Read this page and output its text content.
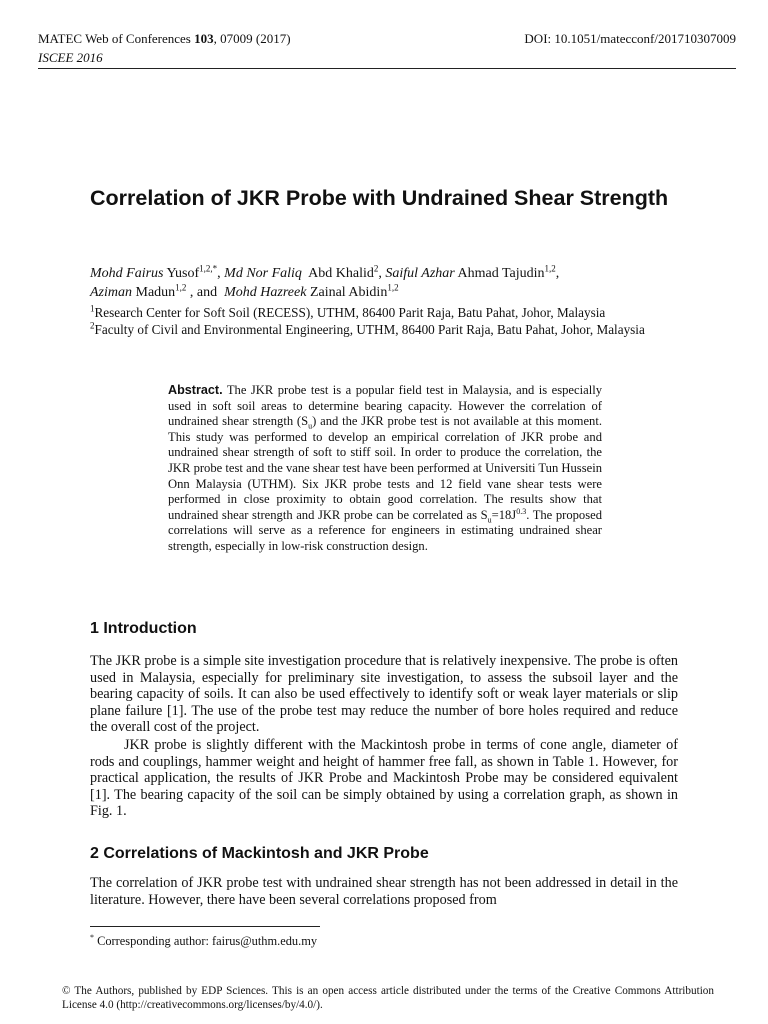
MATEC Web of Conferences 103, 07009 (2017)
ISCEE 2016
DOI: 10.1051/matecconf/201710307009
Correlation of JKR Probe with Undrained Shear Strength
Mohd Fairus Yusof$^{1,2,*}$, Md Nor Faliq Abd Khalid$^2$, Saiful Azhar Ahmad Tajudin$^{1,2}$,
Aziman Madun$^{1,2}$ , and Mohd Hazreek Zainal Abidin$^{1,2}$
$^1$Research Center for Soft Soil (RECESS), UTHM, 86400 Parit Raja, Batu Pahat, Johor, Malaysia
$^2$Faculty of Civil and Environmental Engineering, UTHM, 86400 Parit Raja, Batu Pahat, Johor, Malaysia
Abstract. The JKR probe test is a popular field test in Malaysia, and is especially used in soft soil areas to determine bearing capacity. However the correlation of undrained shear strength $(S_u)$ and the JKR probe test is not available at this moment. This study was performed to develop an empirical correlation of JKR probe and undrained shear strength of soft to stiff soil. In order to produce the correlation, the JKR probe test and the vane shear test have been performed at Universiti Tun Hussein Onn Malaysia (UTHM). Six JKR probe tests and 12 field vane shear tests were performed in close proximity to obtain good correlation. The results show that undrained shear strength and JKR probe can be correlated as $S_u=18J^{0.3}$. The proposed correlations will serve as a reference for engineers in estimating undrained shear strength, especially in low-risk construction design.
1 Introduction
The JKR probe is a simple site investigation procedure that is relatively inexpensive. The probe is often used in Malaysia, especially for preliminary site investigation, to assess the subsoil layer and the bearing capacity of soils. It can also be used effectively to identify soft or weak layer materials or slip plane failure [1]. The use of the probe test may reduce the number of bore holes required and reduce the overall cost of the project.
JKR probe is slightly different with the Mackintosh probe in terms of cone angle, diameter of rods and couplings, hammer weight and height of hammer free fall, as shown in Table 1. However, for practical application, the results of JKR Probe and Mackintosh Probe may be considered equivalent [1]. The bearing capacity of the soil can be simply obtained by using a correlation graph, as shown in Fig. 1.
2 Correlations of Mackintosh and JKR Probe
The correlation of JKR probe test with undrained shear strength has not been addressed in detail in the literature. However, there have been several correlations proposed from
* Corresponding author: fairus@uthm.edu.my
© The Authors, published by EDP Sciences. This is an open access article distributed under the terms of the Creative Commons Attribution License 4.0 (http://creativecommons.org/licenses/by/4.0/).
